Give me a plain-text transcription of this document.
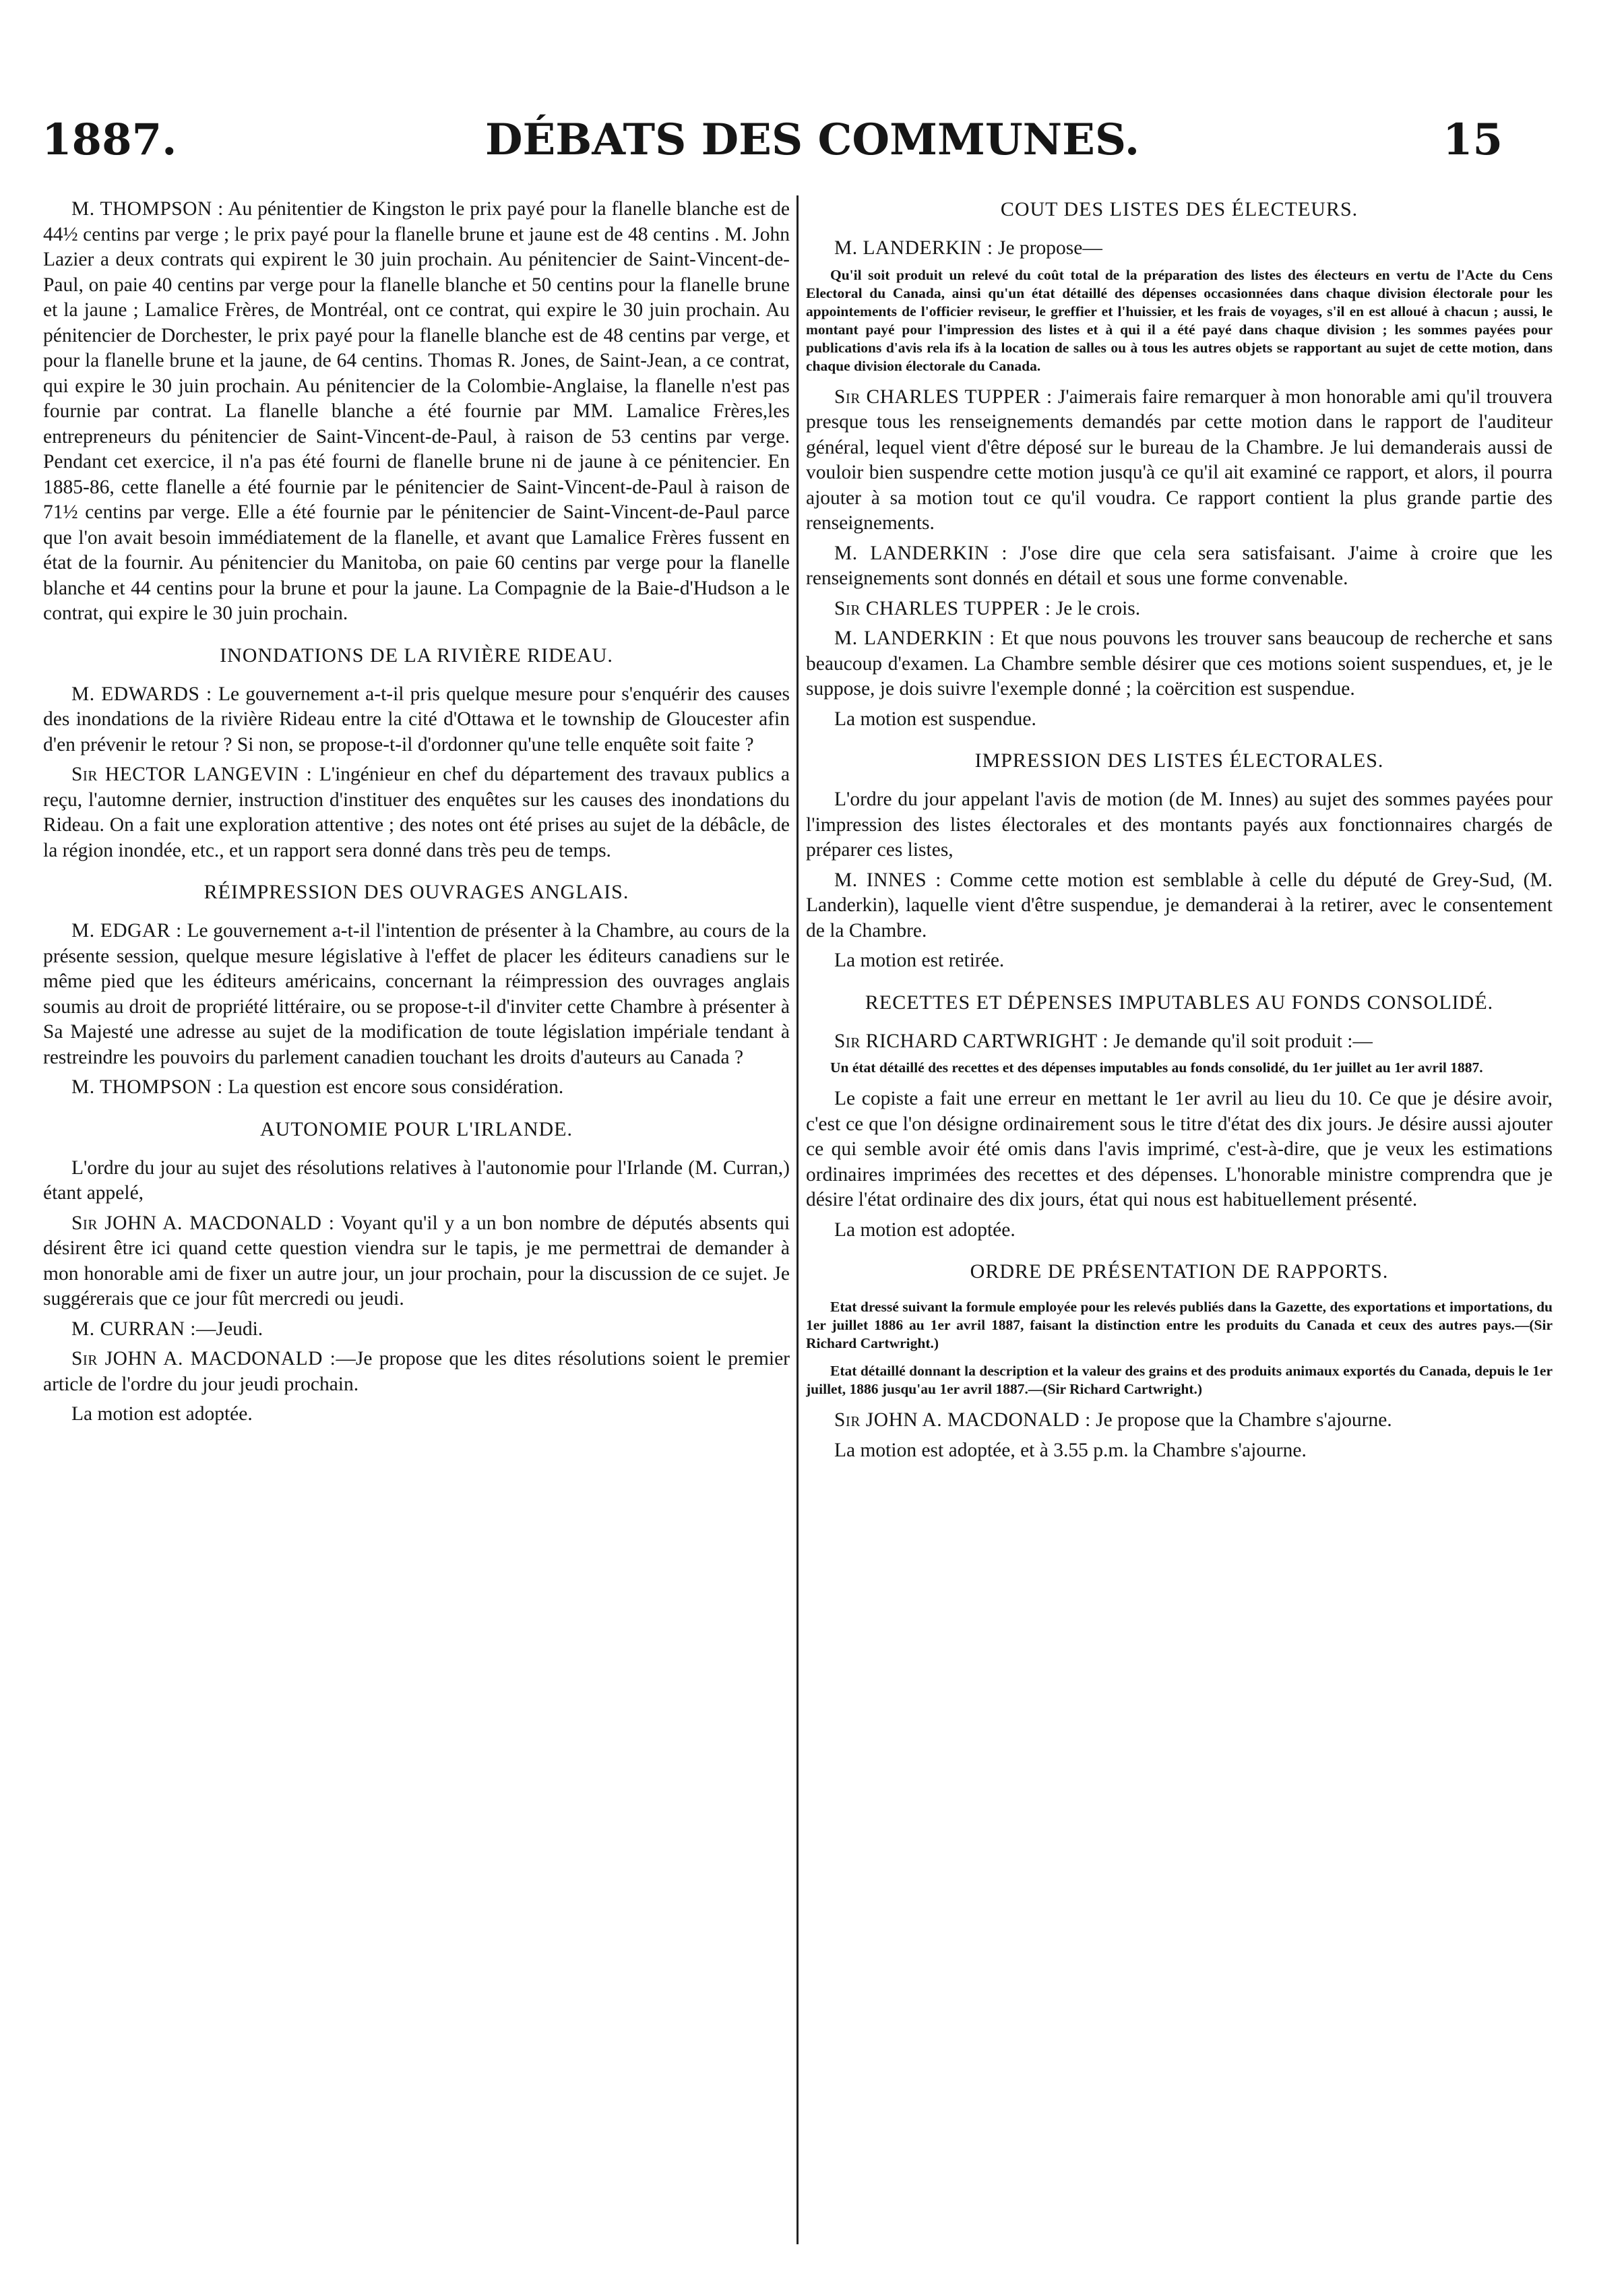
1887.	DÉBATS DES COMMUNES.	15

M. THOMPSON : Au pénitentier de Kingston le prix payé pour la flanelle blanche est de 44½ centins par verge ; le prix payé pour la flanelle brune et jaune est de 48 centins . M. John Lazier a deux contrats qui expirent le 30 juin prochain. Au pénitencier de Saint-Vincent-de-Paul, on paie 40 centins par verge pour la flanelle blanche et 50 centins pour la flanelle brune et la jaune ; Lamalice Frères, de Montréal, ont ce contrat, qui expire le 30 juin prochain. Au pénitencier de Dorchester, le prix payé pour la flanelle blanche est de 48 centins par verge, et pour la flanelle brune et la jaune, de 64 centins. Thomas R. Jones, de Saint-Jean, a ce contrat, qui expire le 30 juin prochain. Au pénitencier de la Colombie-Anglaise, la flanelle n'est pas fournie par contrat. La flanelle blanche a été fournie par MM. Lamalice Frères,les entrepreneurs du pénitencier de Saint-Vincent-de-Paul, à raison de 53 centins par verge. Pendant cet exercice, il n'a pas été fourni de flanelle brune ni de jaune à ce pénitencier. En 1885-86, cette flanelle a été fournie par le pénitencier de Saint-Vincent-de-Paul à raison de 71½ centins par verge. Elle a été fournie par le pénitencier de Saint-Vincent-de-Paul parce que l'on avait besoin immédiatement de la flanelle, et avant que Lamalice Frères fussent en état de la fournir. Au pénitencier du Manitoba, on paie 60 centins par verge pour la flanelle blanche et 44 centins pour la brune et pour la jaune. La Compagnie de la Baie-d'Hudson a le contrat, qui expire le 30 juin prochain.

INONDATIONS DE LA RIVIÈRE RIDEAU.

M. EDWARDS : Le gouvernement a-t-il pris quelque mesure pour s'enquérir des causes des inondations de la rivière Rideau entre la cité d'Ottawa et le township de Gloucester afin d'en prévenir le retour ? Si non, se propose-t-il d'ordonner qu'une telle enquête soit faite ?

Sir HECTOR LANGEVIN : L'ingénieur en chef du département des travaux publics a reçu, l'automne dernier, instruction d'instituer des enquêtes sur les causes des inondations du Rideau. On a fait une exploration attentive ; des notes ont été prises au sujet de la débâcle, de la région inondée, etc., et un rapport sera donné dans très peu de temps.

RÉIMPRESSION DES OUVRAGES ANGLAIS.

M. EDGAR : Le gouvernement a-t-il l'intention de présenter à la Chambre, au cours de la présente session, quelque mesure législative à l'effet de placer les éditeurs canadiens sur le même pied que les éditeurs américains, concernant la réimpression des ouvrages anglais soumis au droit de propriété littéraire, ou se propose-t-il d'inviter cette Chambre à présenter à Sa Majesté une adresse au sujet de la modification de toute législation impériale tendant à restreindre les pouvoirs du parlement canadien touchant les droits d'auteurs au Canada ?

M. THOMPSON : La question est encore sous considération.

AUTONOMIE POUR L'IRLANDE.

L'ordre du jour au sujet des résolutions relatives à l'autonomie pour l'Irlande (M. Curran,) étant appelé,

Sir JOHN A. MACDONALD : Voyant qu'il y a un bon nombre de députés absents qui désirent être ici quand cette question viendra sur le tapis, je me permettrai de demander à mon honorable ami de fixer un autre jour, un jour prochain, pour la discussion de ce sujet. Je suggérerais que ce jour fût mercredi ou jeudi.

M. CURRAN :—Jeudi.

Sir JOHN A. MACDONALD :—Je propose que les dites résolutions soient le premier article de l'ordre du jour jeudi prochain.

La motion est adoptée.

COUT DES LISTES DES ÉLECTEURS.

M. LANDERKIN : Je propose—

Qu'il soit produit un relevé du coût total de la préparation des listes des électeurs en vertu de l'Acte du Cens Electoral du Canada, ainsi qu'un état détaillé des dépenses occasionnées dans chaque division électorale pour les appointements de l'officier reviseur, le greffier et l'huissier, et les frais de voyages, s'il en est alloué à chacun ; aussi, le montant payé pour l'impression des listes et à qui il a été payé dans chaque division ; les sommes payées pour publications d'avis rela ifs à la location de salles ou à tous les autres objets se rapportant au sujet de cette motion, dans chaque division électorale du Canada.

Sir CHARLES TUPPER : J'aimerais faire remarquer à mon honorable ami qu'il trouvera presque tous les renseignements demandés par cette motion dans le rapport de l'auditeur général, lequel vient d'être déposé sur le bureau de la Chambre. Je lui demanderais aussi de vouloir bien suspendre cette motion jusqu'à ce qu'il ait examiné ce rapport, et alors, il pourra ajouter à sa motion tout ce qu'il voudra. Ce rapport contient la plus grande partie des renseignements.

M. LANDERKIN : J'ose dire que cela sera satisfaisant. J'aime à croire que les renseignements sont donnés en détail et sous une forme convenable.

Sir CHARLES TUPPER : Je le crois.

M. LANDERKIN : Et que nous pouvons les trouver sans beaucoup de recherche et sans beaucoup d'examen. La Chambre semble désirer que ces motions soient suspendues, et, je le suppose, je dois suivre l'exemple donné ; la coërcition est suspendue.

La motion est suspendue.

IMPRESSION DES LISTES ÉLECTORALES.

L'ordre du jour appelant l'avis de motion (de M. Innes) au sujet des sommes payées pour l'impression des listes électorales et des montants payés aux fonctionnaires chargés de préparer ces listes,

M. INNES : Comme cette motion est semblable à celle du député de Grey-Sud, (M. Landerkin), laquelle vient d'être suspendue, je demanderai à la retirer, avec le consentement de la Chambre.

La motion est retirée.

RECETTES ET DÉPENSES IMPUTABLES AU FONDS CONSOLIDÉ.

Sir RICHARD CARTWRIGHT : Je demande qu'il soit produit :—

Un état détaillé des recettes et des dépenses imputables au fonds consolidé, du 1er juillet au 1er avril 1887.

Le copiste a fait une erreur en mettant le 1er avril au lieu du 10. Ce que je désire avoir, c'est ce que l'on désigne ordinairement sous le titre d'état des dix jours. Je désire aussi ajouter ce qui semble avoir été omis dans l'avis imprimé, c'est-à-dire, que je veux les estimations ordinaires imprimées des recettes et des dépenses. L'honorable ministre comprendra que je désire l'état ordinaire des dix jours, état qui nous est habituellement présenté.

La motion est adoptée.

ORDRE DE PRÉSENTATION DE RAPPORTS.

Etat dressé suivant la formule employée pour les relevés publiés dans la Gazette, des exportations et importations, du 1er juillet 1886 au 1er avril 1887, faisant la distinction entre les produits du Canada et ceux des autres pays.—(Sir Richard Cartwright.)

Etat détaillé donnant la description et la valeur des grains et des produits animaux exportés du Canada, depuis le 1er juillet, 1886 jusqu'au 1er avril 1887.—(Sir Richard Cartwright.)

Sir JOHN A. MACDONALD : Je propose que la Chambre s'ajourne.

La motion est adoptée, et à 3.55 p.m. la Chambre s'ajourne.
